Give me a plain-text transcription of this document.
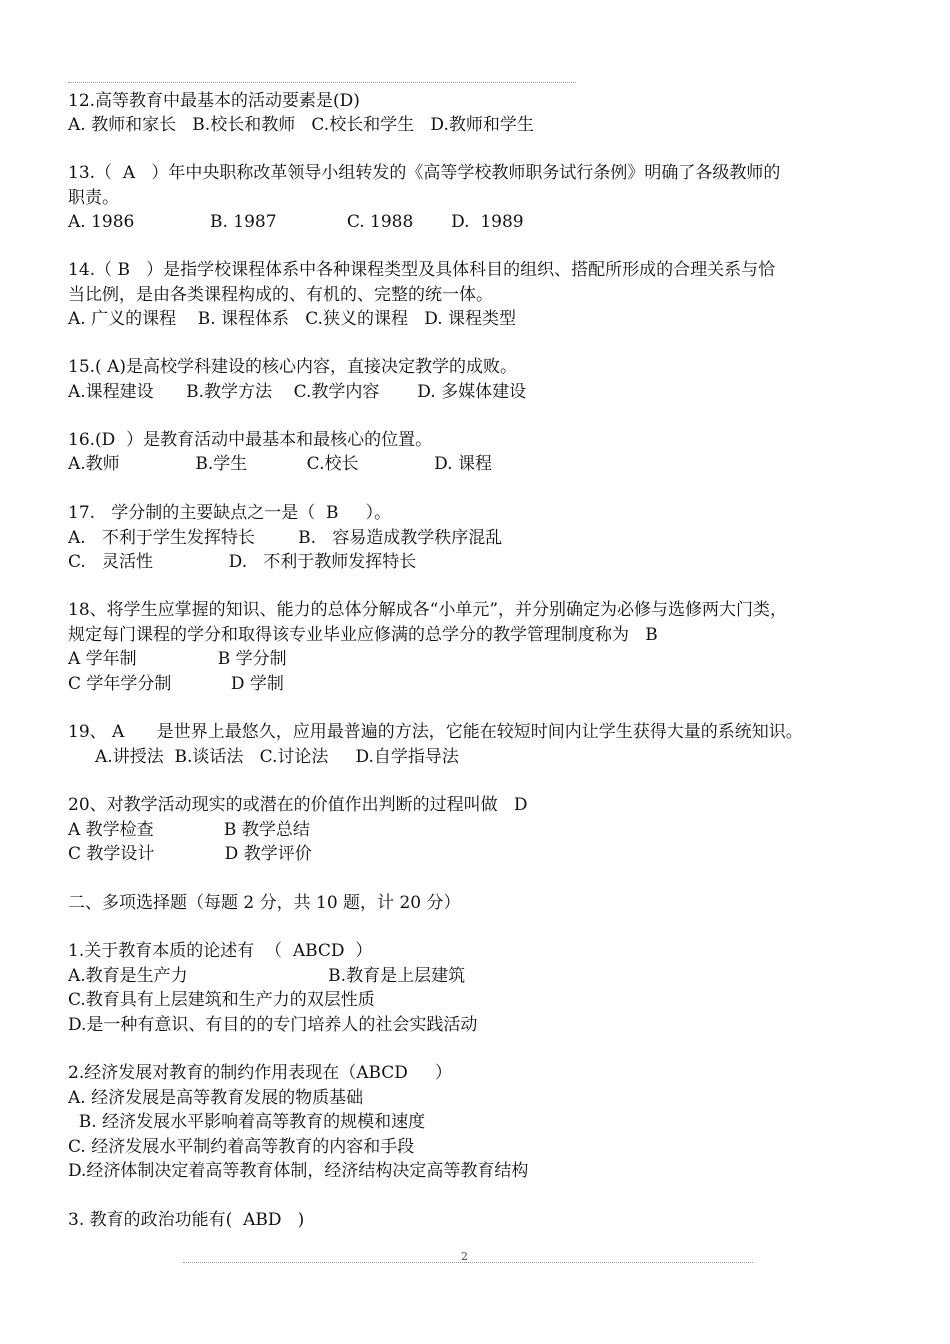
12.高等教育中最基本的活动要素是(D)
A. 教师和家长   B.校长和教师   C.校长和学生   D.教师和学生
13.（  A   ）年中央职称改革领导小组转发的《高等学校教师职务试行条例》明确了各级教师的
职责。
A. 1986              B. 1987             C. 1988       D.  1989
14.（ B   ）是指学校课程体系中各种课程类型及具体科目的组织、搭配所形成的合理关系与恰
当比例，是由各类课程构成的、有机的、完整的统一体。
A. 广义的课程    B. 课程体系   C.狭义的课程   D. 课程类型
15.( A)是高校学科建设的核心内容，直接决定教学的成败。
A.课程建设      B.教学方法    C.教学内容       D. 多媒体建设
16.(D  ）是教育活动中最基本和最核心的位置。
A.教师              B.学生           C.校长              D. 课程
17.   学分制的主要缺点之一是（  B     ）。
A.   不利于学生发挥特长        B.   容易造成教学秩序混乱
C.   灵活性              D.   不利于教师发挥特长
18、将学生应掌握的知识、能力的总体分解成各“小单元”，并分别确定为必修与选修两大门类，
规定每门课程的学分和取得该专业毕业应修满的总学分的教学管理制度称为   B
A 学年制               B 学分制
C 学年学分制           D 学制
19、 A      是世界上最悠久，应用最普遍的方法，它能在较短时间内让学生获得大量的系统知识。
A.讲授法  B.谈话法   C.讨论法     D.自学指导法
20、对教学活动现实的或潜在的价值作出判断的过程叫做   D
A 教学检查             B 教学总结
C 教学设计             D 教学评价
二、多项选择题（每题 2 分，共 10 题，计 20 分）
1.关于教育本质的论述有  （  ABCD  ）
A.教育是生产力                          B.教育是上层建筑
C.教育具有上层建筑和生产力的双层性质
D.是一种有意识、有目的的专门培养人的社会实践活动
2.经济发展对教育的制约作用表现在（ABCD     ）
A. 经济发展是高等教育发展的物质基础
B. 经济发展水平影响着高等教育的规模和速度
C. 经济发展水平制约着高等教育的内容和手段
D.经济体制决定着高等教育体制，经济结构决定高等教育结构
3. 教育的政治功能有(  ABD   )
2
